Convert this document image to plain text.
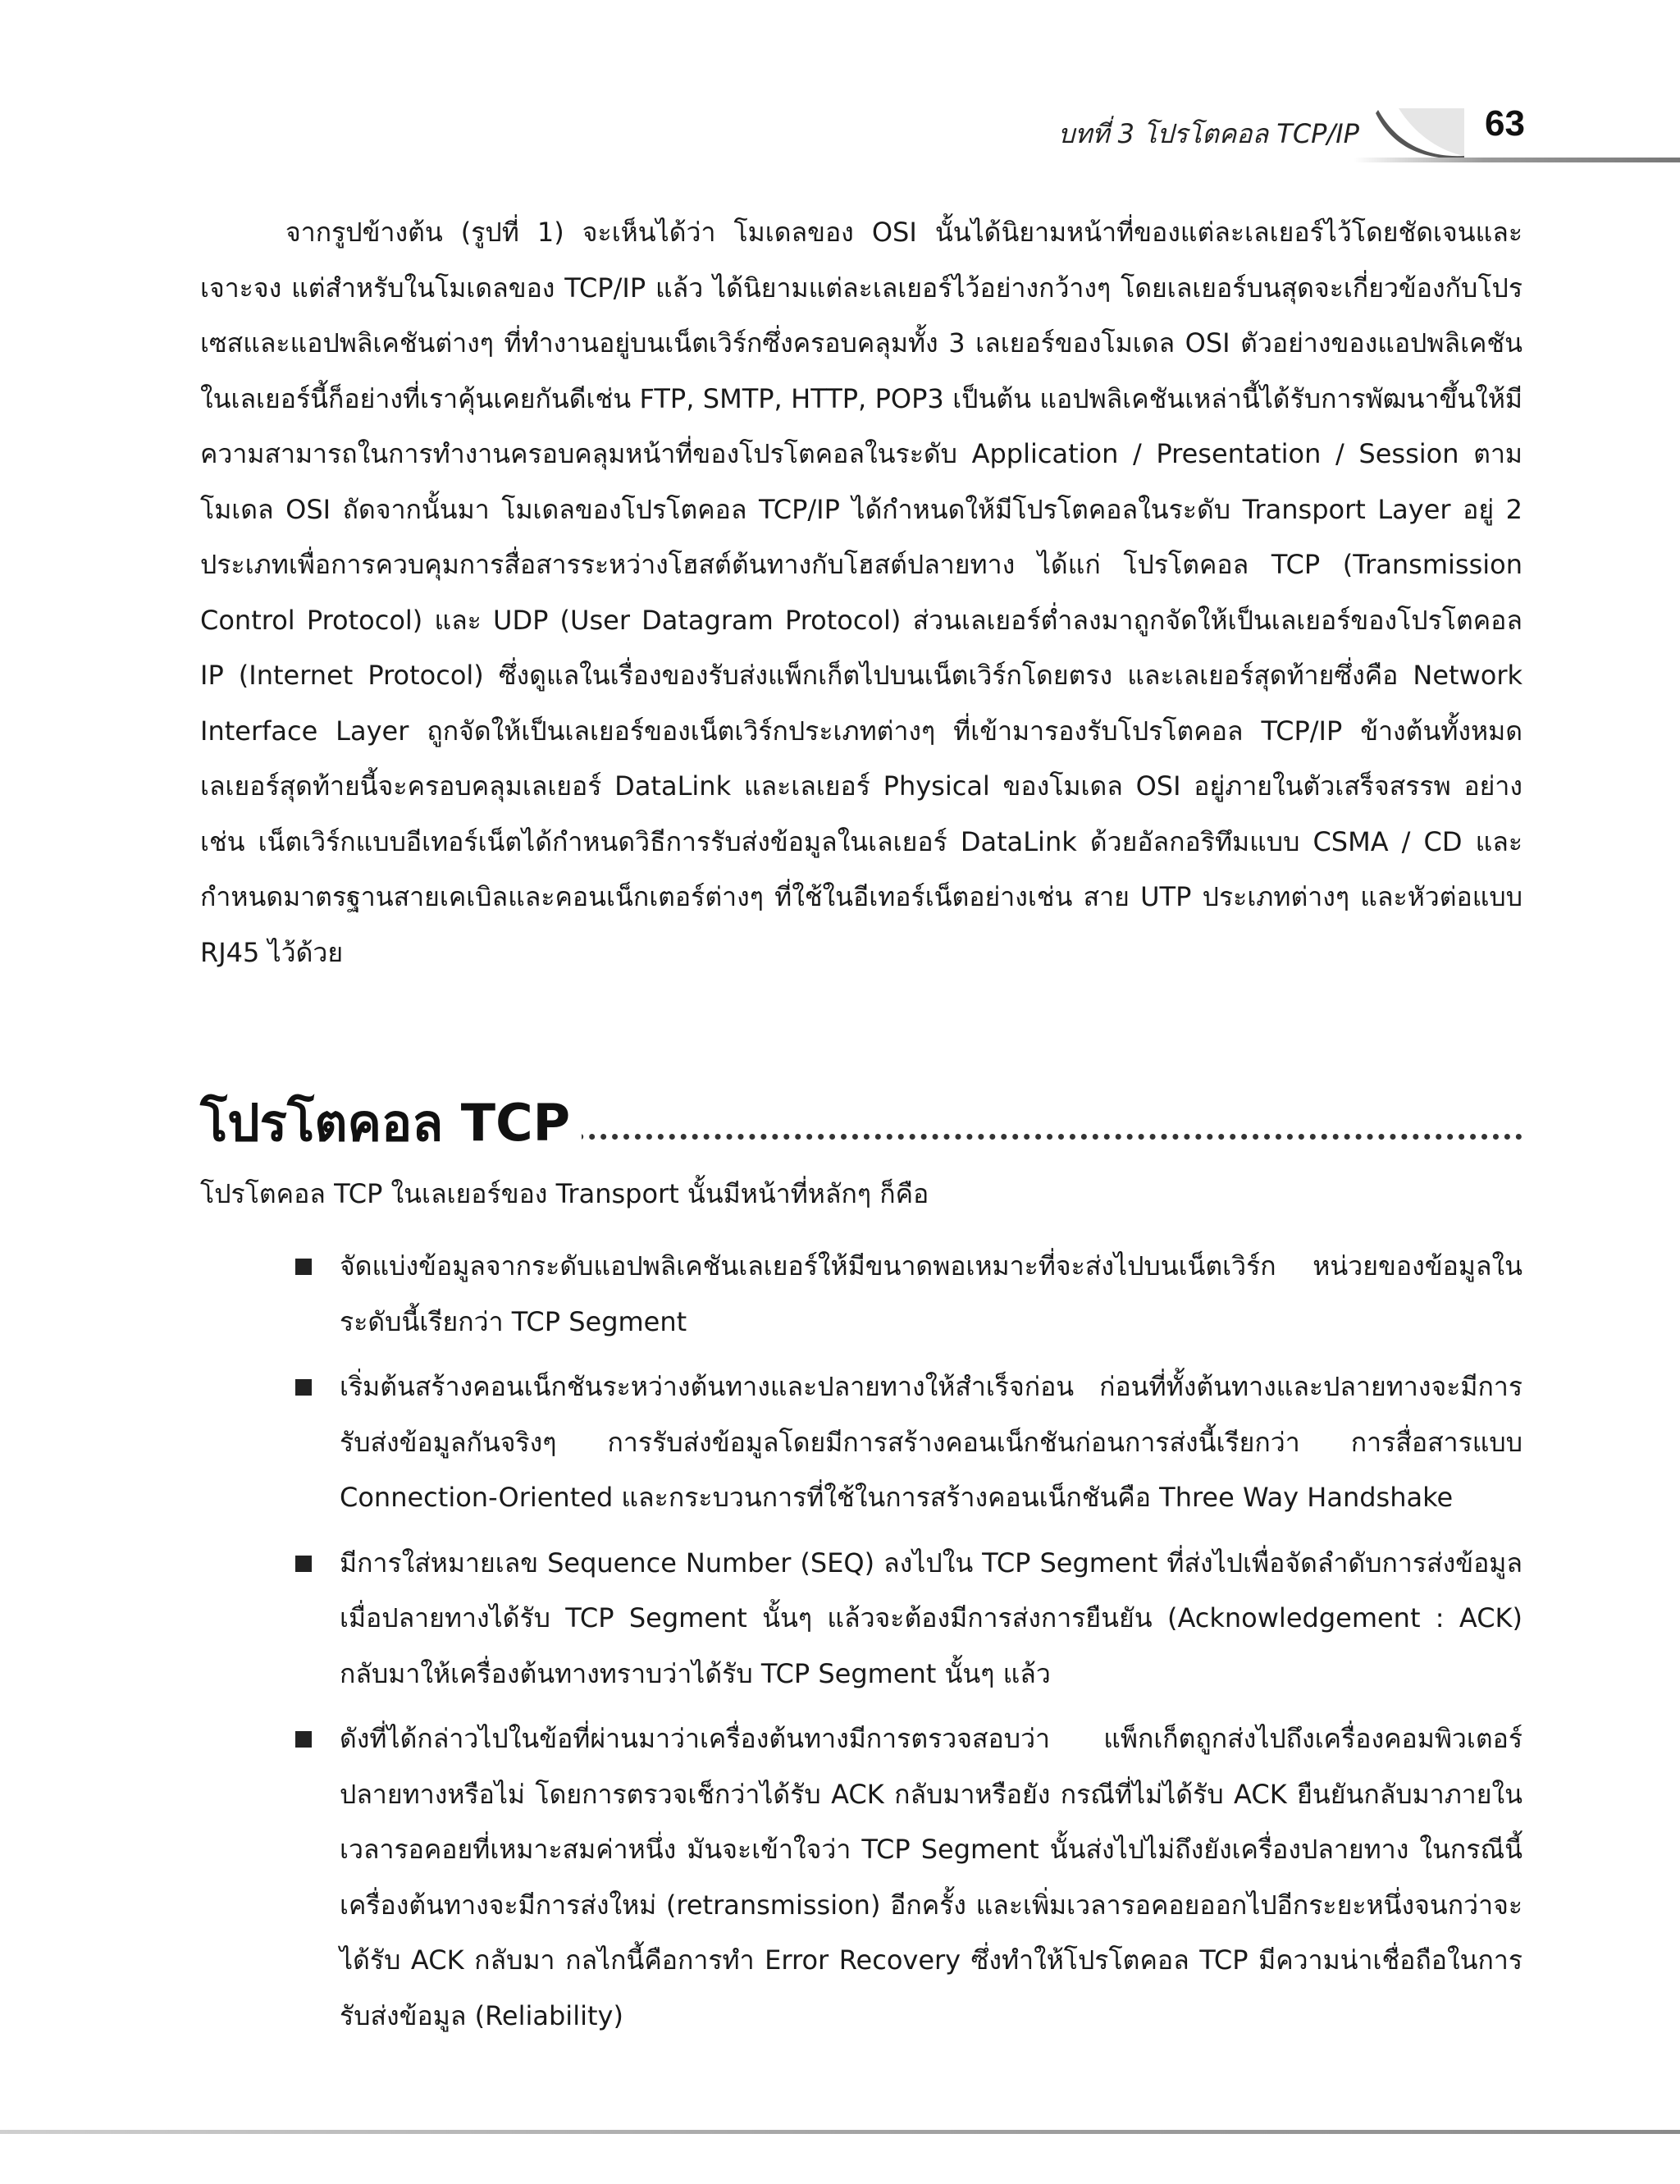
บทที่ 3 โปรโตคอล TCP/IP	63

จากรูปข้างต้น (รูปที่ 1) จะเห็นได้ว่า โมเดลของ OSI นั้นได้นิยามหน้าที่ของแต่ละเลเยอร์ไว้โดยชัดเจนและเจาะจง แต่สำหรับในโมเดลของ TCP/IP แล้ว ได้นิยามแต่ละเลเยอร์ไว้อย่างกว้างๆ โดยเลเยอร์บนสุดจะเกี่ยวข้องกับโปรเซสและแอปพลิเคชันต่างๆ ที่ทำงานอยู่บนเน็ตเวิร์กซึ่งครอบคลุมทั้ง 3 เลเยอร์ของโมเดล OSI ตัวอย่างของแอปพลิเคชันในเลเยอร์นี้ก็อย่างที่เราคุ้นเคยกันดีเช่น FTP, SMTP, HTTP, POP3 เป็นต้น แอปพลิเคชันเหล่านี้ได้รับการพัฒนาขึ้นให้มีความสามารถในการทำงานครอบคลุมหน้าที่ของโปรโตคอลในระดับ Application / Presentation / Session ตามโมเดล OSI ถัดจากนั้นมา โมเดลของโปรโตคอล TCP/IP ได้กำหนดให้มีโปรโตคอลในระดับ Transport Layer อยู่ 2 ประเภทเพื่อการควบคุมการสื่อสารระหว่างโฮสต์ต้นทางกับโฮสต์ปลายทาง ได้แก่ โปรโตคอล TCP (Transmission Control Protocol) และ UDP (User Datagram Protocol) ส่วนเลเยอร์ต่ำลงมาถูกจัดให้เป็นเลเยอร์ของโปรโตคอล IP (Internet Protocol) ซึ่งดูแลในเรื่องของรับส่งแพ็กเก็ตไปบนเน็ตเวิร์กโดยตรง และเลเยอร์สุดท้ายซึ่งคือ Network Interface Layer ถูกจัดให้เป็นเลเยอร์ของเน็ตเวิร์กประเภทต่างๆ ที่เข้ามารองรับโปรโตคอล TCP/IP ข้างต้นทั้งหมด เลเยอร์สุดท้ายนี้จะครอบคลุมเลเยอร์ DataLink และเลเยอร์ Physical ของโมเดล OSI อยู่ภายในตัวเสร็จสรรพ อย่างเช่น เน็ตเวิร์กแบบอีเทอร์เน็ตได้กำหนดวิธีการรับส่งข้อมูลในเลเยอร์ DataLink ด้วยอัลกอริทึมแบบ CSMA / CD และกำหนดมาตรฐานสายเคเบิลและคอนเน็กเตอร์ต่างๆ ที่ใช้ในอีเทอร์เน็ตอย่างเช่น สาย UTP ประเภทต่างๆ และหัวต่อแบบ RJ45 ไว้ด้วย

โปรโตคอล TCP

โปรโตคอล TCP ในเลเยอร์ของ Transport นั้นมีหน้าที่หลักๆ ก็คือ

จัดแบ่งข้อมูลจากระดับแอปพลิเคชันเลเยอร์ให้มีขนาดพอเหมาะที่จะส่งไปบนเน็ตเวิร์ก หน่วยของข้อมูลในระดับนี้เรียกว่า TCP Segment
เริ่มต้นสร้างคอนเน็กชันระหว่างต้นทางและปลายทางให้สำเร็จก่อน ก่อนที่ทั้งต้นทางและปลายทางจะมีการรับส่งข้อมูลกันจริงๆ การรับส่งข้อมูลโดยมีการสร้างคอนเน็กชันก่อนการส่งนี้เรียกว่า การสื่อสารแบบ Connection-Oriented และกระบวนการที่ใช้ในการสร้างคอนเน็กชันคือ Three Way Handshake
มีการใส่หมายเลข Sequence Number (SEQ) ลงไปใน TCP Segment ที่ส่งไปเพื่อจัดลำดับการส่งข้อมูล เมื่อปลายทางได้รับ TCP Segment นั้นๆ แล้วจะต้องมีการส่งการยืนยัน (Acknowledgement : ACK) กลับมาให้เครื่องต้นทางทราบว่าได้รับ TCP Segment นั้นๆ แล้ว
ดังที่ได้กล่าวไปในข้อที่ผ่านมาว่าเครื่องต้นทางมีการตรวจสอบว่า แพ็กเก็ตถูกส่งไปถึงเครื่องคอมพิวเตอร์ปลายทางหรือไม่ โดยการตรวจเช็กว่าได้รับ ACK กลับมาหรือยัง กรณีที่ไม่ได้รับ ACK ยืนยันกลับมาภายในเวลารอคอยที่เหมาะสมค่าหนึ่ง มันจะเข้าใจว่า TCP Segment นั้นส่งไปไม่ถึงยังเครื่องปลายทาง ในกรณีนี้เครื่องต้นทางจะมีการส่งใหม่ (retransmission) อีกครั้ง และเพิ่มเวลารอคอยออกไปอีกระยะหนึ่งจนกว่าจะได้รับ ACK กลับมา กลไกนี้คือการทำ Error Recovery ซึ่งทำให้โปรโตคอล TCP มีความน่าเชื่อถือในการรับส่งข้อมูล (Reliability)
